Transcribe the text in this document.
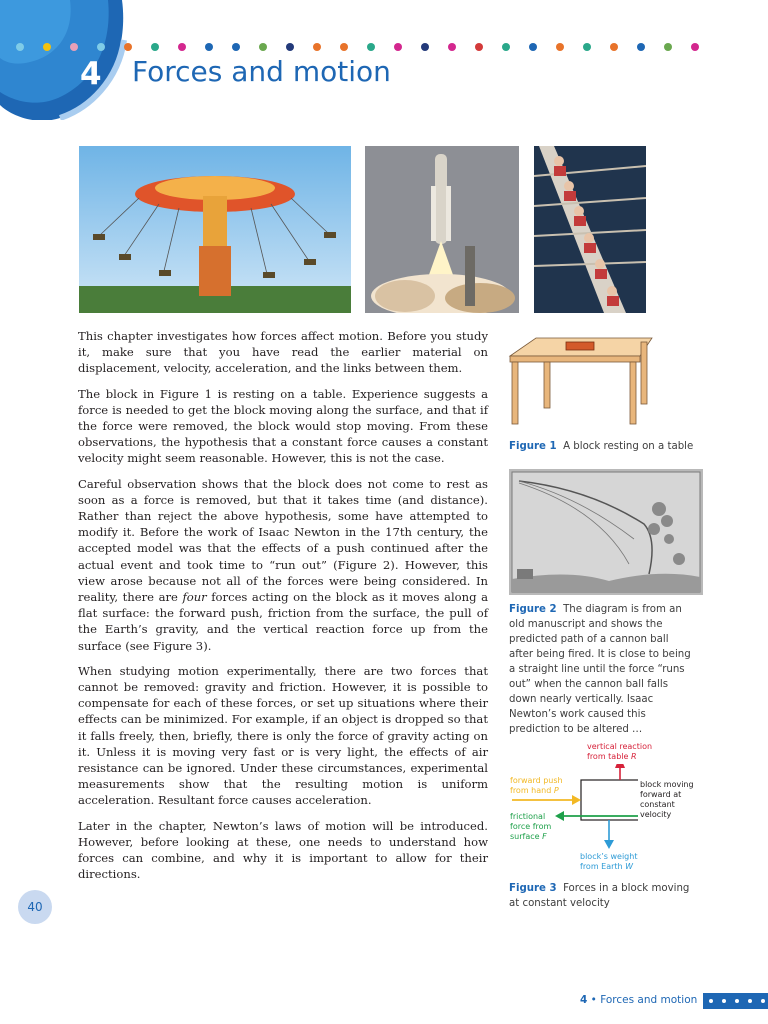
4 Forces and motion

This chapter investigates how forces affect motion. Before you study it, make sure that you have read the earlier material on displacement, velocity, acceleration, and the links between them.

The block in Figure 1 is resting on a table. Experience suggests a force is needed to get the block moving along the surface, and that if the force were removed, the block would stop moving. From these observations, the hypothesis that a constant force causes a constant velocity might seem reasonable. However, this is not the case.

Careful observation shows that the block does not come to rest as soon as a force is removed, but that it takes time (and distance). Rather than reject the above hypothesis, some have attempted to modify it. Before the work of Isaac Newton in the 17th century, the accepted model was that the effects of a push continued after the actual event and took time to “run out” (Figure 2). However, this view arose because not all of the forces were being considered. In reality, there are four forces acting on the block as it moves along a flat surface: the forward push, friction from the surface, the pull of the Earth’s gravity, and the vertical reaction force up from the surface (see Figure 3).

When studying motion experimentally, there are two forces that cannot be removed: gravity and friction. However, it is possible to compensate for each of these forces, or set up situations where their effects can be minimized. For example, if an object is dropped so that it falls freely, then, briefly, there is only the force of gravity acting on it. Unless it is moving very fast or is very light, the effects of air resistance can be ignored. Under these circumstances, experimental measurements show that the resulting motion is uniform acceleration. Resultant force causes acceleration.

Later in the chapter, Newton’s laws of motion will be introduced. However, before looking at these, one needs to understand how forces can combine, and why it is important to allow for their directions.

Figure 1 A block resting on a table
Figure 2 The diagram is from an old manuscript and shows the predicted path of a cannon ball after being fired. It is close to being a straight line until the force “runs out” when the cannon ball falls down nearly vertically. Isaac Newton’s work caused this prediction to be altered …
vertical reaction
from table R
forward push
from hand P
frictional
force from
surface F
block’s weight
from Earth W
block moving
forward at
constant
velocity
Figure 3 Forces in a block moving at constant velocity
40
4 • Forces and motion
